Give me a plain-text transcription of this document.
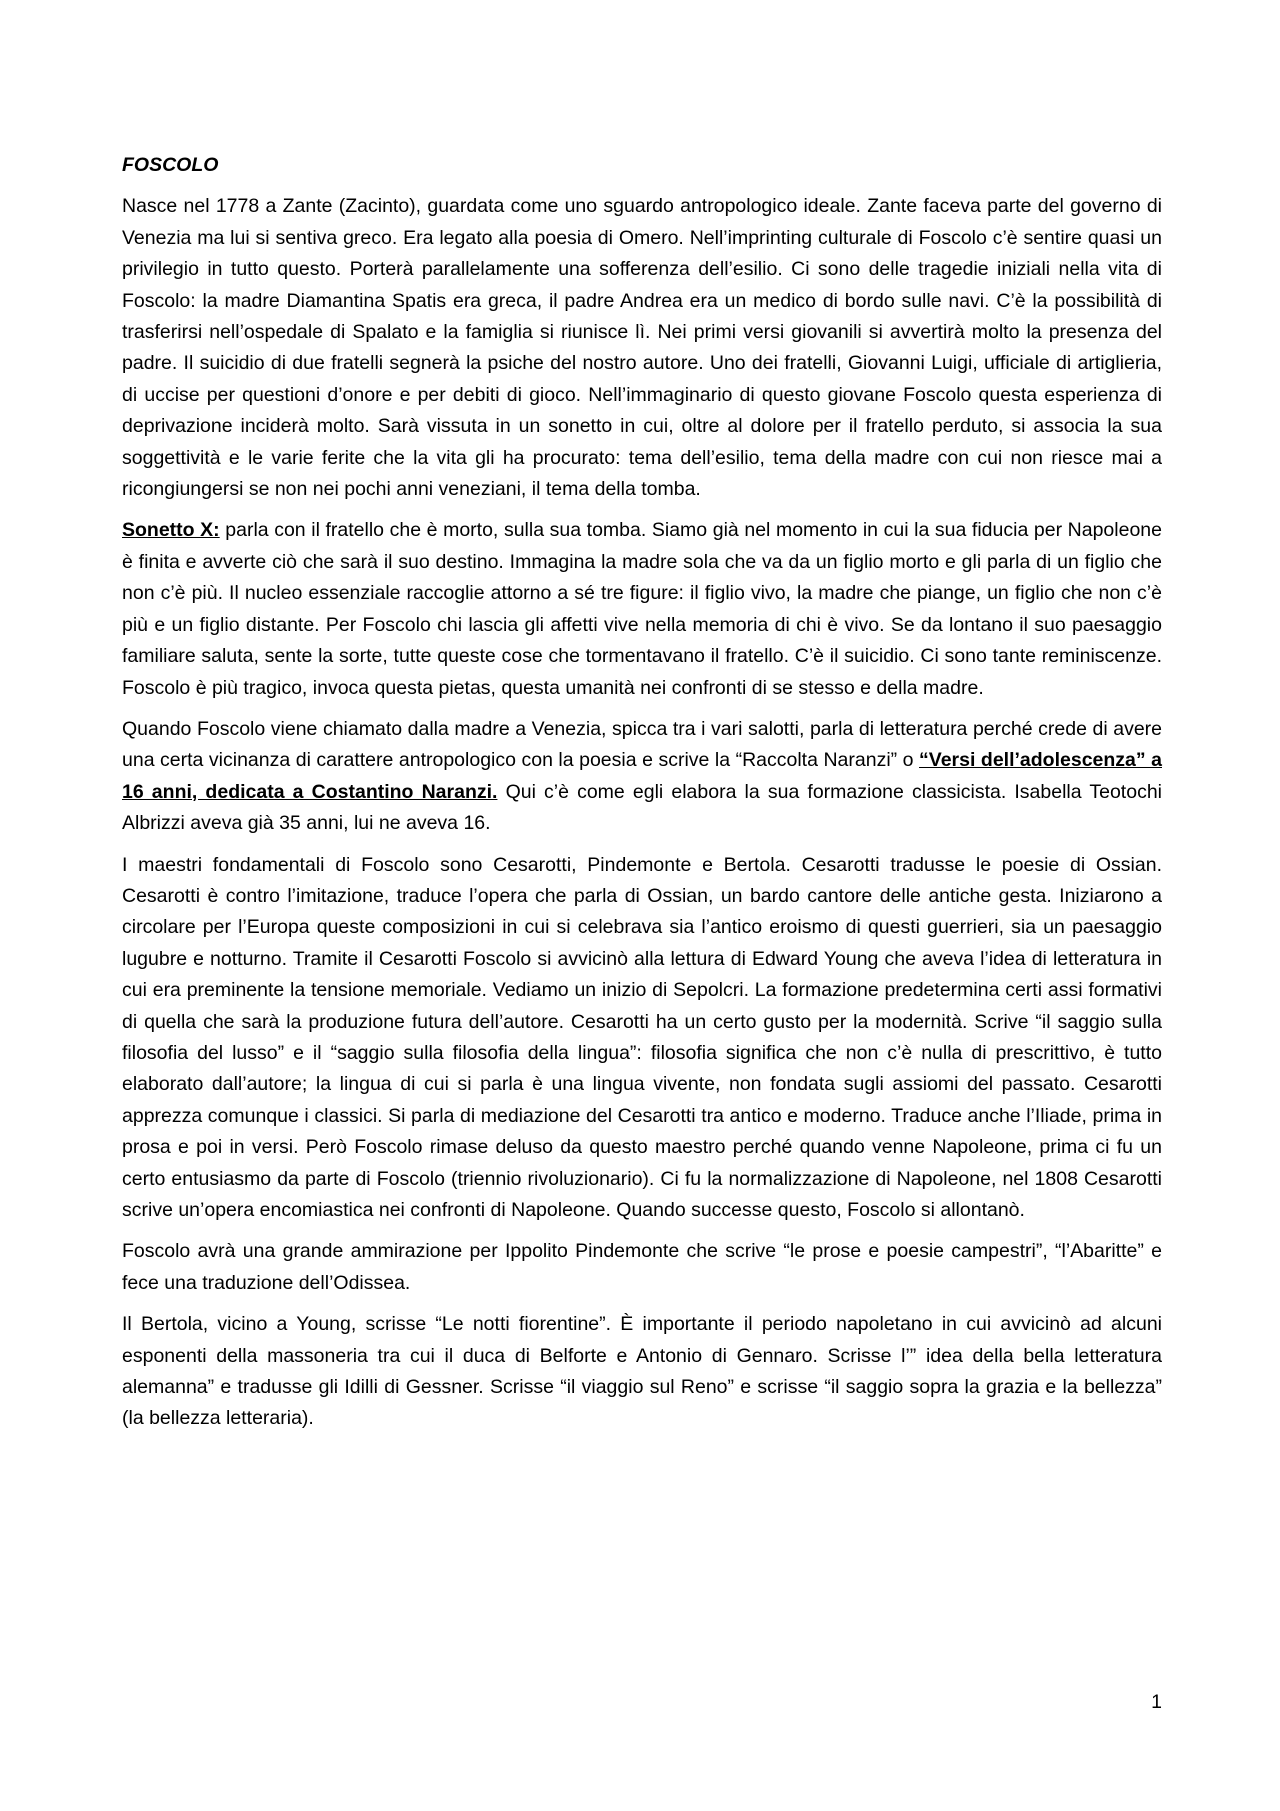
FOSCOLO

Nasce nel 1778 a Zante (Zacinto), guardata come uno sguardo antropologico ideale. Zante faceva parte del governo di Venezia ma lui si sentiva greco. Era legato alla poesia di Omero. Nell’imprinting culturale di Foscolo c’è sentire quasi un privilegio in tutto questo. Porterà parallelamente una sofferenza dell’esilio. Ci sono delle tragedie iniziali nella vita di Foscolo: la madre Diamantina Spatis era greca, il padre Andrea era un medico di bordo sulle navi. C’è la possibilità di trasferirsi nell’ospedale di Spalato e la famiglia si riunisce lì. Nei primi versi giovanili si avvertirà molto la presenza del padre. Il suicidio di due fratelli segnerà la psiche del nostro autore. Uno dei fratelli, Giovanni Luigi, ufficiale di artiglieria, di uccise per questioni d’onore e per debiti di gioco. Nell’immaginario di questo giovane Foscolo questa esperienza di deprivazione inciderà molto. Sarà vissuta in un sonetto in cui, oltre al dolore per il fratello perduto, si associa la sua soggettività e le varie ferite che la vita gli ha procurato: tema dell’esilio, tema della madre con cui non riesce mai a ricongiungersi se non nei pochi anni veneziani, il tema della tomba.

Sonetto X: parla con il fratello che è morto, sulla sua tomba. Siamo già nel momento in cui la sua fiducia per Napoleone è finita e avverte ciò che sarà il suo destino. Immagina la madre sola che va da un figlio morto e gli parla di un figlio che non c’è più. Il nucleo essenziale raccoglie attorno a sé tre figure: il figlio vivo, la madre che piange, un figlio che non c’è più e un figlio distante. Per Foscolo chi lascia gli affetti vive nella memoria di chi è vivo. Se da lontano il suo paesaggio familiare saluta, sente la sorte, tutte queste cose che tormentavano il fratello. C’è il suicidio. Ci sono tante reminiscenze. Foscolo è più tragico, invoca questa pietas, questa umanità nei confronti di se stesso e della madre.

Quando Foscolo viene chiamato dalla madre a Venezia, spicca tra i vari salotti, parla di letteratura perché crede di avere una certa vicinanza di carattere antropologico con la poesia e scrive la “Raccolta Naranzi” o “Versi dell’adolescenza” a 16 anni, dedicata a Costantino Naranzi. Qui c’è come egli elabora la sua formazione classicista. Isabella Teotochi Albrizzi aveva già 35 anni, lui ne aveva 16.

I maestri fondamentali di Foscolo sono Cesarotti, Pindemonte e Bertola. Cesarotti tradusse le poesie di Ossian. Cesarotti è contro l’imitazione, traduce l’opera che parla di Ossian, un bardo cantore delle antiche gesta. Iniziarono a circolare per l’Europa queste composizioni in cui si celebrava sia l’antico eroismo di questi guerrieri, sia un paesaggio lugubre e notturno. Tramite il Cesarotti Foscolo si avvicinò alla lettura di Edward Young che aveva l’idea di letteratura in cui era preminente la tensione memoriale. Vediamo un inizio di Sepolcri. La formazione predetermina certi assi formativi di quella che sarà la produzione futura dell’autore. Cesarotti ha un certo gusto per la modernità. Scrive “il saggio sulla filosofia del lusso” e il “saggio sulla filosofia della lingua”: filosofia significa che non c’è nulla di prescrittivo, è tutto elaborato dall’autore; la lingua di cui si parla è una lingua vivente, non fondata sugli assiomi del passato. Cesarotti apprezza comunque i classici. Si parla di mediazione del Cesarotti tra antico e moderno. Traduce anche l’Iliade, prima in prosa e poi in versi. Però Foscolo rimase deluso da questo maestro perché quando venne Napoleone, prima ci fu un certo entusiasmo da parte di Foscolo (triennio rivoluzionario). Ci fu la normalizzazione di Napoleone, nel 1808 Cesarotti scrive un’opera encomiastica nei confronti di Napoleone. Quando successe questo, Foscolo si allontanò.

Foscolo avrà una grande ammirazione per Ippolito Pindemonte che scrive “le prose e poesie campestri”, “l’Abaritte” e fece una traduzione dell’Odissea.

Il Bertola, vicino a Young, scrisse “Le notti fiorentine”. È importante il periodo napoletano in cui avvicinò ad alcuni esponenti della massoneria tra cui il duca di Belforte e Antonio di Gennaro. Scrisse l’” idea della bella letteratura alemanna” e tradusse gli Idilli di Gessner. Scrisse “il viaggio sul Reno” e scrisse “il saggio sopra la grazia e la bellezza” (la bellezza letteraria).

1
